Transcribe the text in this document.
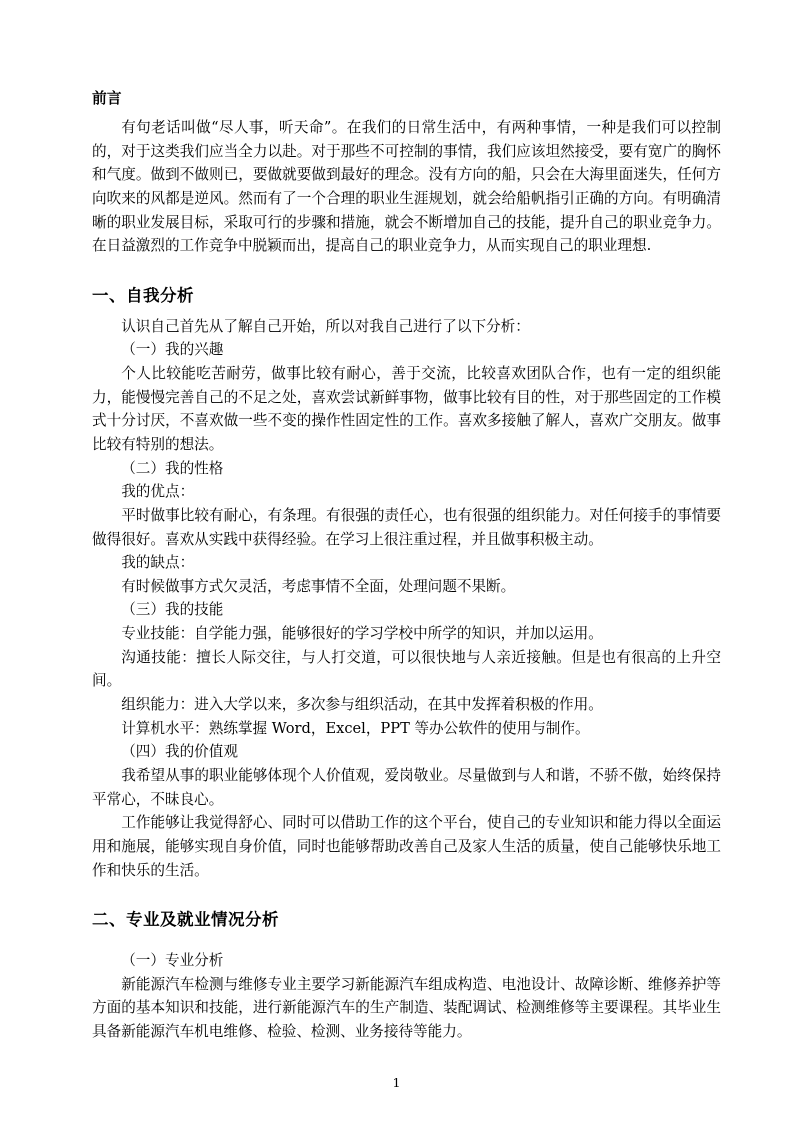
前言

有句老话叫做“尽人事，听天命”。在我们的日常生活中，有两种事情，一种是我们可以控制的，对于这类我们应当全力以赴。对于那些不可控制的事情，我们应该坦然接受，要有宽广的胸怀和气度。做到不做则已，要做就要做到最好的理念。没有方向的船，只会在大海里面迷失，任何方向吹来的风都是逆风。然而有了一个合理的职业生涯规划，就会给船帆指引正确的方向。有明确清晰的职业发展目标，采取可行的步骤和措施，就会不断增加自己的技能，提升自己的职业竞争力。在日益激烈的工作竞争中脱颖而出，提高自己的职业竞争力，从而实现自己的职业理想.

一、自我分析

认识自己首先从了解自己开始，所以对我自己进行了以下分析：

（一）我的兴趣

个人比较能吃苦耐劳，做事比较有耐心，善于交流，比较喜欢团队合作，也有一定的组织能力，能慢慢完善自己的不足之处，喜欢尝试新鲜事物，做事比较有目的性，对于那些固定的工作模式十分讨厌，不喜欢做一些不变的操作性固定性的工作。喜欢多接触了解人，喜欢广交朋友。做事比较有特别的想法。

（二）我的性格

我的优点：

平时做事比较有耐心，有条理。有很强的责任心，也有很强的组织能力。对任何接手的事情要做得很好。喜欢从实践中获得经验。在学习上很注重过程，并且做事积极主动。

我的缺点：

有时候做事方式欠灵活，考虑事情不全面，处理问题不果断。

（三）我的技能

专业技能：自学能力强，能够很好的学习学校中所学的知识，并加以运用。

沟通技能：擅长人际交往，与人打交道，可以很快地与人亲近接触。但是也有很高的上升空间。

组织能力：进入大学以来，多次参与组织活动，在其中发挥着积极的作用。

计算机水平：熟练掌握 Word，Excel，PPT 等办公软件的使用与制作。

（四）我的价值观

我希望从事的职业能够体现个人价值观，爱岗敬业。尽量做到与人和谐，不骄不傲，始终保持平常心，不昧良心。

工作能够让我觉得舒心、同时可以借助工作的这个平台，使自己的专业知识和能力得以全面运用和施展，能够实现自身价值，同时也能够帮助改善自己及家人生活的质量，使自己能够快乐地工作和快乐的生活。

二、专业及就业情况分析

（一）专业分析

新能源汽车检测与维修专业主要学习新能源汽车组成构造、电池设计、故障诊断、维修养护等方面的基本知识和技能，进行新能源汽车的生产制造、装配调试、检测维修等主要课程。其毕业生具备新能源汽车机电维修、检验、检测、业务接待等能力。

1
